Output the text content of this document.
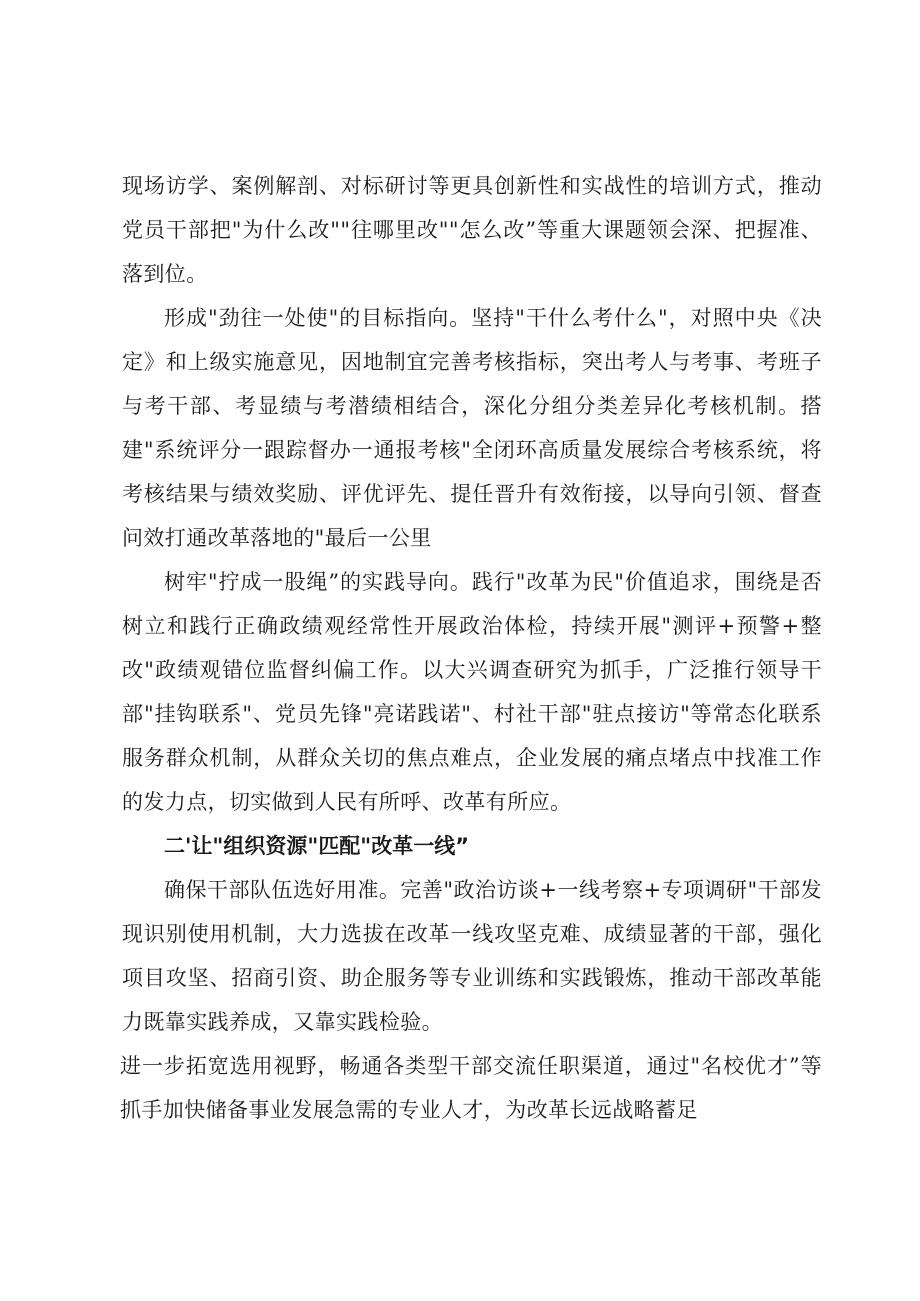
现场访学、案例解剖、对标研讨等更具创新性和实战性的培训方式，推动党员干部把"为什么改""往哪里改""怎么改”等重大课题领会深、把握准、落到位。

形成"劲往一处使"的目标指向。坚持"干什么考什么"，对照中央《决定》和上级实施意见，因地制宜完善考核指标，突出考人与考事、考班子与考干部、考显绩与考潜绩相结合，深化分组分类差异化考核机制。搭建"系统评分一跟踪督办一通报考核"全闭环高质量发展综合考核系统，将考核结果与绩效奖励、评优评先、提任晋升有效衔接，以导向引领、督查问效打通改革落地的"最后一公里

树牢"拧成一股绳”的实践导向。践行"改革为民"价值追求，围绕是否树立和践行正确政绩观经常性开展政治体检，持续开展"测评+预警+整改"政绩观错位监督纠偏工作。以大兴调查研究为抓手，广泛推行领导干部"挂钩联系"、党员先锋"亮诺践诺"、村社干部"驻点接访"等常态化联系服务群众机制，从群众关切的焦点难点，企业发展的痛点堵点中找准工作的发力点，切实做到人民有所呼、改革有所应。

二'让"组织资源"匹配"改革一线”

确保干部队伍选好用准。完善"政治访谈+一线考察+专项调研"干部发现识别使用机制，大力选拔在改革一线攻坚克难、成绩显著的干部，强化项目攻坚、招商引资、助企服务等专业训练和实践锻炼，推动干部改革能力既靠实践养成，又靠实践检验。

进一步拓宽选用视野，畅通各类型干部交流任职渠道，通过"名校优才”等抓手加快储备事业发展急需的专业人才，为改革长远战略蓄足
